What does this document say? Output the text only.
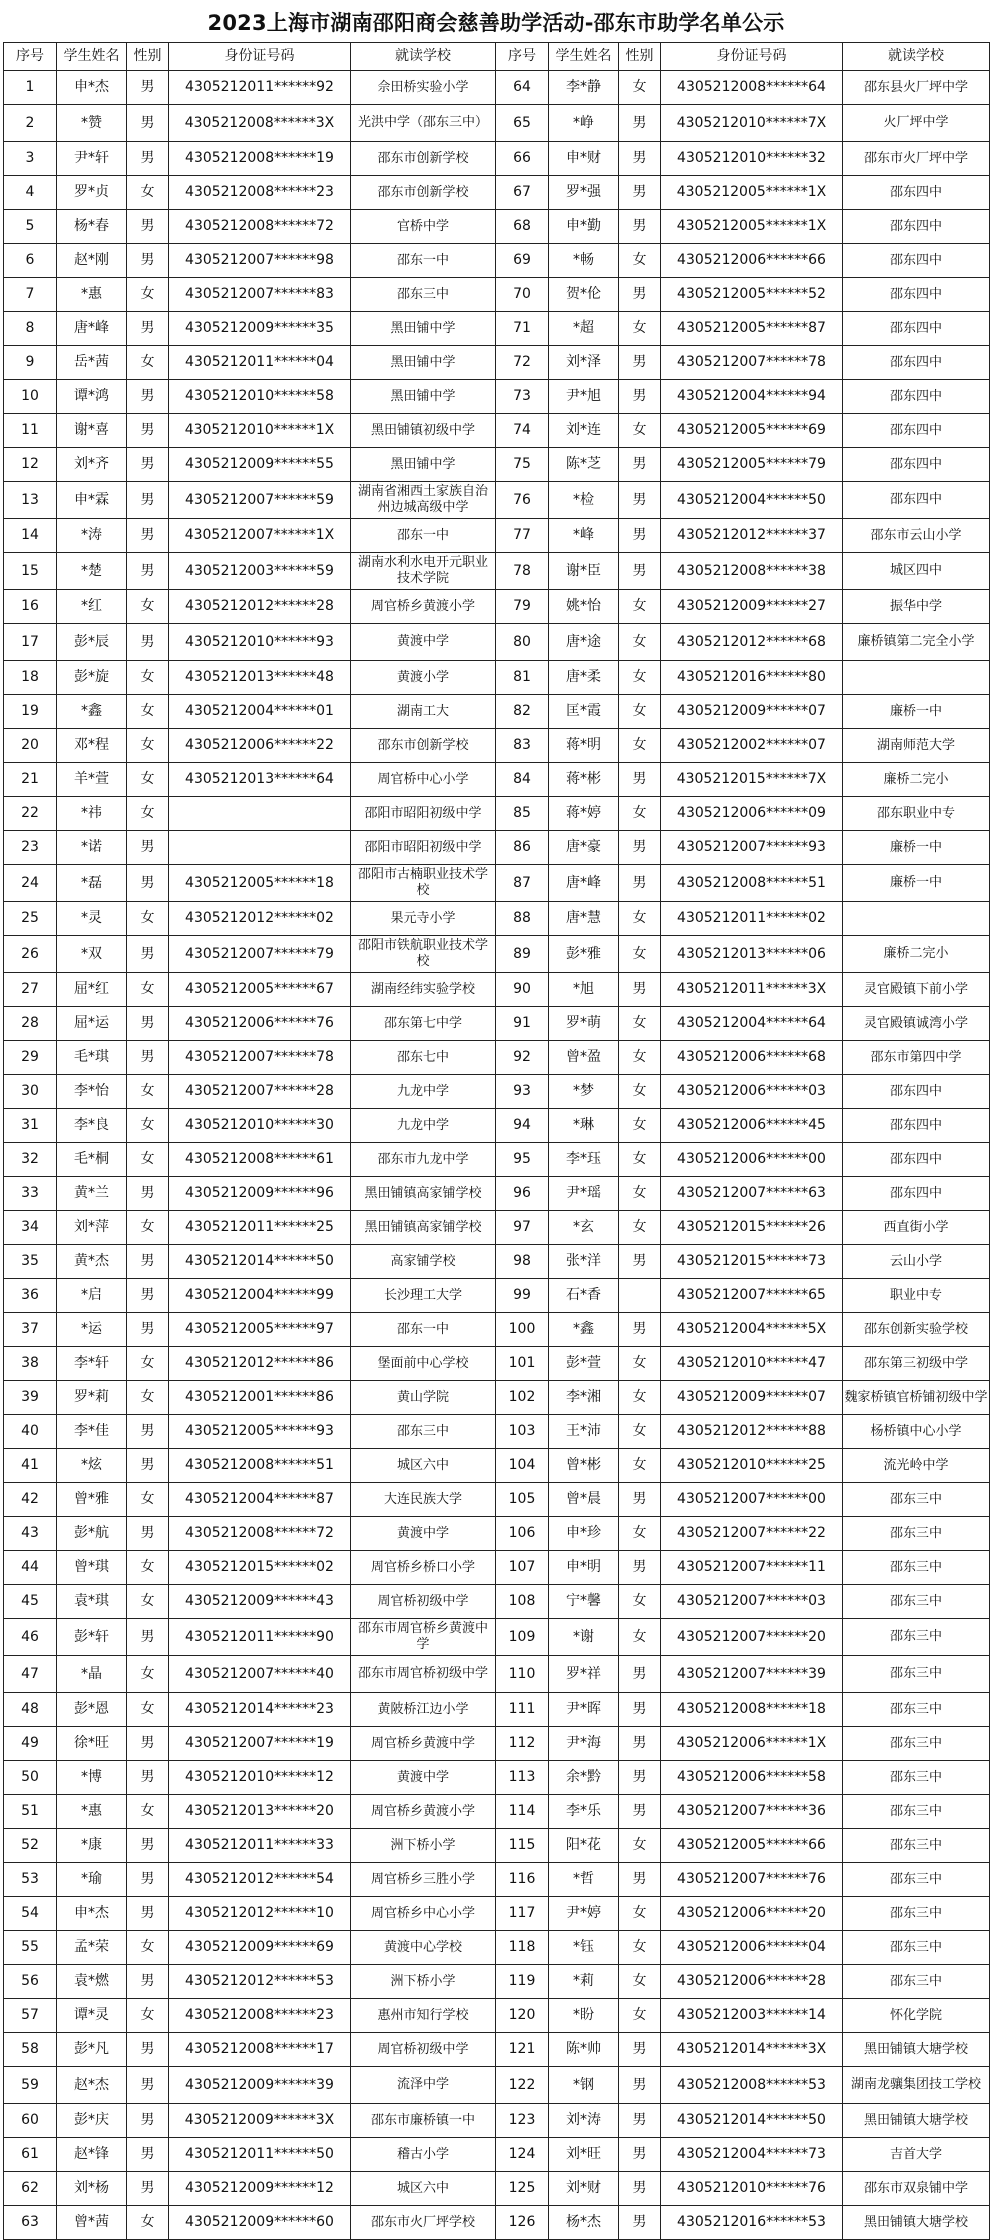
2023上海市湖南邵阳商会慈善助学活动-邵东市助学名单公示
序号	学生姓名	性别	身份证号码	就读学校	序号	学生姓名	性别	身份证号码	就读学校
1	申*杰	男	4305212011******92	佘田桥实验小学	64	李*静	女	4305212008******64	邵东县火厂坪中学
2	*赞	男	4305212008******3X	光洪中学（邵东三中）	65	*峥	男	4305212010******7X	火厂坪中学
3	尹*轩	男	4305212008******19	邵东市创新学校	66	申*财	男	4305212010******32	邵东市火厂坪中学
4	罗*贞	女	4305212008******23	邵东市创新学校	67	罗*强	男	4305212005******1X	邵东四中
5	杨*春	男	4305212008******72	官桥中学	68	申*勤	男	4305212005******1X	邵东四中
6	赵*刚	男	4305212007******98	邵东一中	69	*畅	女	4305212006******66	邵东四中
7	*惠	女	4305212007******83	邵东三中	70	贺*伦	男	4305212005******52	邵东四中
8	唐*峰	男	4305212009******35	黑田铺中学	71	*超	女	4305212005******87	邵东四中
9	岳*茜	女	4305212011******04	黑田铺中学	72	刘*泽	男	4305212007******78	邵东四中
10	谭*鸿	男	4305212010******58	黑田铺中学	73	尹*旭	男	4305212004******94	邵东四中
11	谢*喜	男	4305212010******1X	黑田铺镇初级中学	74	刘*连	女	4305212005******69	邵东四中
12	刘*齐	男	4305212009******55	黑田铺中学	75	陈*芝	男	4305212005******79	邵东四中
13	申*霖	男	4305212007******59	湖南省湘西土家族自治州边城高级中学	76	*检	男	4305212004******50	邵东四中
14	*涛	男	4305212007******1X	邵东一中	77	*峰	男	4305212012******37	邵东市云山小学
15	*楚	男	4305212003******59	湖南水利水电开元职业技术学院	78	谢*臣	男	4305212008******38	城区四中
16	*红	女	4305212012******28	周官桥乡黄渡小学	79	姚*怡	女	4305212009******27	振华中学
17	彭*辰	男	4305212010******93	黄渡中学	80	唐*途	女	4305212012******68	廉桥镇第二完全小学
18	彭*旋	女	4305212013******48	黄渡小学	81	唐*柔	女	4305212016******80	
19	*鑫	女	4305212004******01	湖南工大	82	匡*霞	女	4305212009******07	廉桥一中
20	邓*程	女	4305212006******22	邵东市创新学校	83	蒋*明	女	4305212002******07	湖南师范大学
21	羊*萱	女	4305212013******64	周官桥中心小学	84	蒋*彬	男	4305212015******7X	廉桥二完小
22	*祎	女		邵阳市昭阳初级中学	85	蒋*婷	女	4305212006******09	邵东职业中专
23	*诺	男		邵阳市昭阳初级中学	86	唐*豪	男	4305212007******93	廉桥一中
24	*磊	男	4305212005******18	邵阳市古楠职业技术学校	87	唐*峰	男	4305212008******51	廉桥一中
25	*灵	女	4305212012******02	果元寺小学	88	唐*慧	女	4305212011******02	
26	*双	男	4305212007******79	邵阳市铁航职业技术学校	89	彭*雅	女	4305212013******06	廉桥二完小
27	屈*红	女	4305212005******67	湖南经纬实验学校	90	*旭	男	4305212011******3X	灵官殿镇下前小学
28	屈*运	男	4305212006******76	邵东第七中学	91	罗*萌	女	4305212004******64	灵官殿镇诚湾小学
29	毛*琪	男	4305212007******78	邵东七中	92	曾*盈	女	4305212006******68	邵东市第四中学
30	李*怡	女	4305212007******28	九龙中学	93	*梦	女	4305212006******03	邵东四中
31	李*良	女	4305212010******30	九龙中学	94	*琳	女	4305212006******45	邵东四中
32	毛*桐	女	4305212008******61	邵东市九龙中学	95	李*珏	女	4305212006******00	邵东四中
33	黄*兰	男	4305212009******96	黑田铺镇高家铺学校	96	尹*瑶	女	4305212007******63	邵东四中
34	刘*萍	女	4305212011******25	黑田铺镇高家铺学校	97	*玄	女	4305212015******26	西直街小学
35	黄*杰	男	4305212014******50	高家铺学校	98	张*洋	男	4305212015******73	云山小学
36	*启	男	4305212004******99	长沙理工大学	99	石*香		4305212007******65	职业中专
37	*运	男	4305212005******97	邵东一中	100	*鑫	男	4305212004******5X	邵东创新实验学校
38	李*轩	女	4305212012******86	堡面前中心学校	101	彭*萱	女	4305212010******47	邵东第三初级中学
39	罗*莉	女	4305212001******86	黄山学院	102	李*湘	女	4305212009******07	魏家桥镇官桥铺初级中学
40	李*佳	男	4305212005******93	邵东三中	103	王*沛	女	4305212012******88	杨桥镇中心小学
41	*炫	男	4305212008******51	城区六中	104	曾*彬	女	4305212010******25	流光岭中学
42	曾*雅	女	4305212004******87	大连民族大学	105	曾*晨	男	4305212007******00	邵东三中
43	彭*航	男	4305212008******72	黄渡中学	106	申*珍	女	4305212007******22	邵东三中
44	曾*琪	女	4305212015******02	周官桥乡桥口小学	107	申*明	男	4305212007******11	邵东三中
45	袁*琪	女	4305212009******43	周官桥初级中学	108	宁*馨	女	4305212007******03	邵东三中
46	彭*轩	男	4305212011******90	邵东市周官桥乡黄渡中学	109	*谢	女	4305212007******20	邵东三中
47	*晶	女	4305212007******40	邵东市周官桥初级中学	110	罗*祥	男	4305212007******39	邵东三中
48	彭*恩	女	4305212014******23	黄陂桥江边小学	111	尹*晖	男	4305212008******18	邵东三中
49	徐*旺	男	4305212007******19	周官桥乡黄渡中学	112	尹*海	男	4305212006******1X	邵东三中
50	*博	男	4305212010******12	黄渡中学	113	余*黔	男	4305212006******58	邵东三中
51	*惠	女	4305212013******20	周官桥乡黄渡小学	114	李*乐	男	4305212007******36	邵东三中
52	*康	男	4305212011******33	洲下桥小学	115	阳*花	女	4305212005******66	邵东三中
53	*瑜	男	4305212012******54	周官桥乡三胜小学	116	*哲	男	4305212007******76	邵东三中
54	申*杰	男	4305212012******10	周官桥乡中心小学	117	尹*婷	女	4305212006******20	邵东三中
55	孟*荣	女	4305212009******69	黄渡中心学校	118	*钰	女	4305212006******04	邵东三中
56	袁*燃	男	4305212012******53	洲下桥小学	119	*莉	女	4305212006******28	邵东三中
57	谭*灵	女	4305212008******23	惠州市知行学校	120	*盼	女	4305212003******14	怀化学院
58	彭*凡	男	4305212008******17	周官桥初级中学	121	陈*帅	男	4305212014******3X	黑田铺镇大塘学校
59	赵*杰	男	4305212009******39	流泽中学	122	*钢	男	4305212008******53	湖南龙骧集团技工学校
60	彭*庆	男	4305212009******3X	邵东市廉桥镇一中	123	刘*涛	男	4305212014******50	黑田铺镇大塘学校
61	赵*锋	男	4305212011******50	稽古小学	124	刘*旺	男	4305212004******73	吉首大学
62	刘*杨	男	4305212009******12	城区六中	125	刘*财	男	4305212010******76	邵东市双泉铺中学
63	曾*茜	女	4305212009******60	邵东市火厂坪学校	126	杨*杰	男	4305212016******53	黑田铺镇大塘学校
